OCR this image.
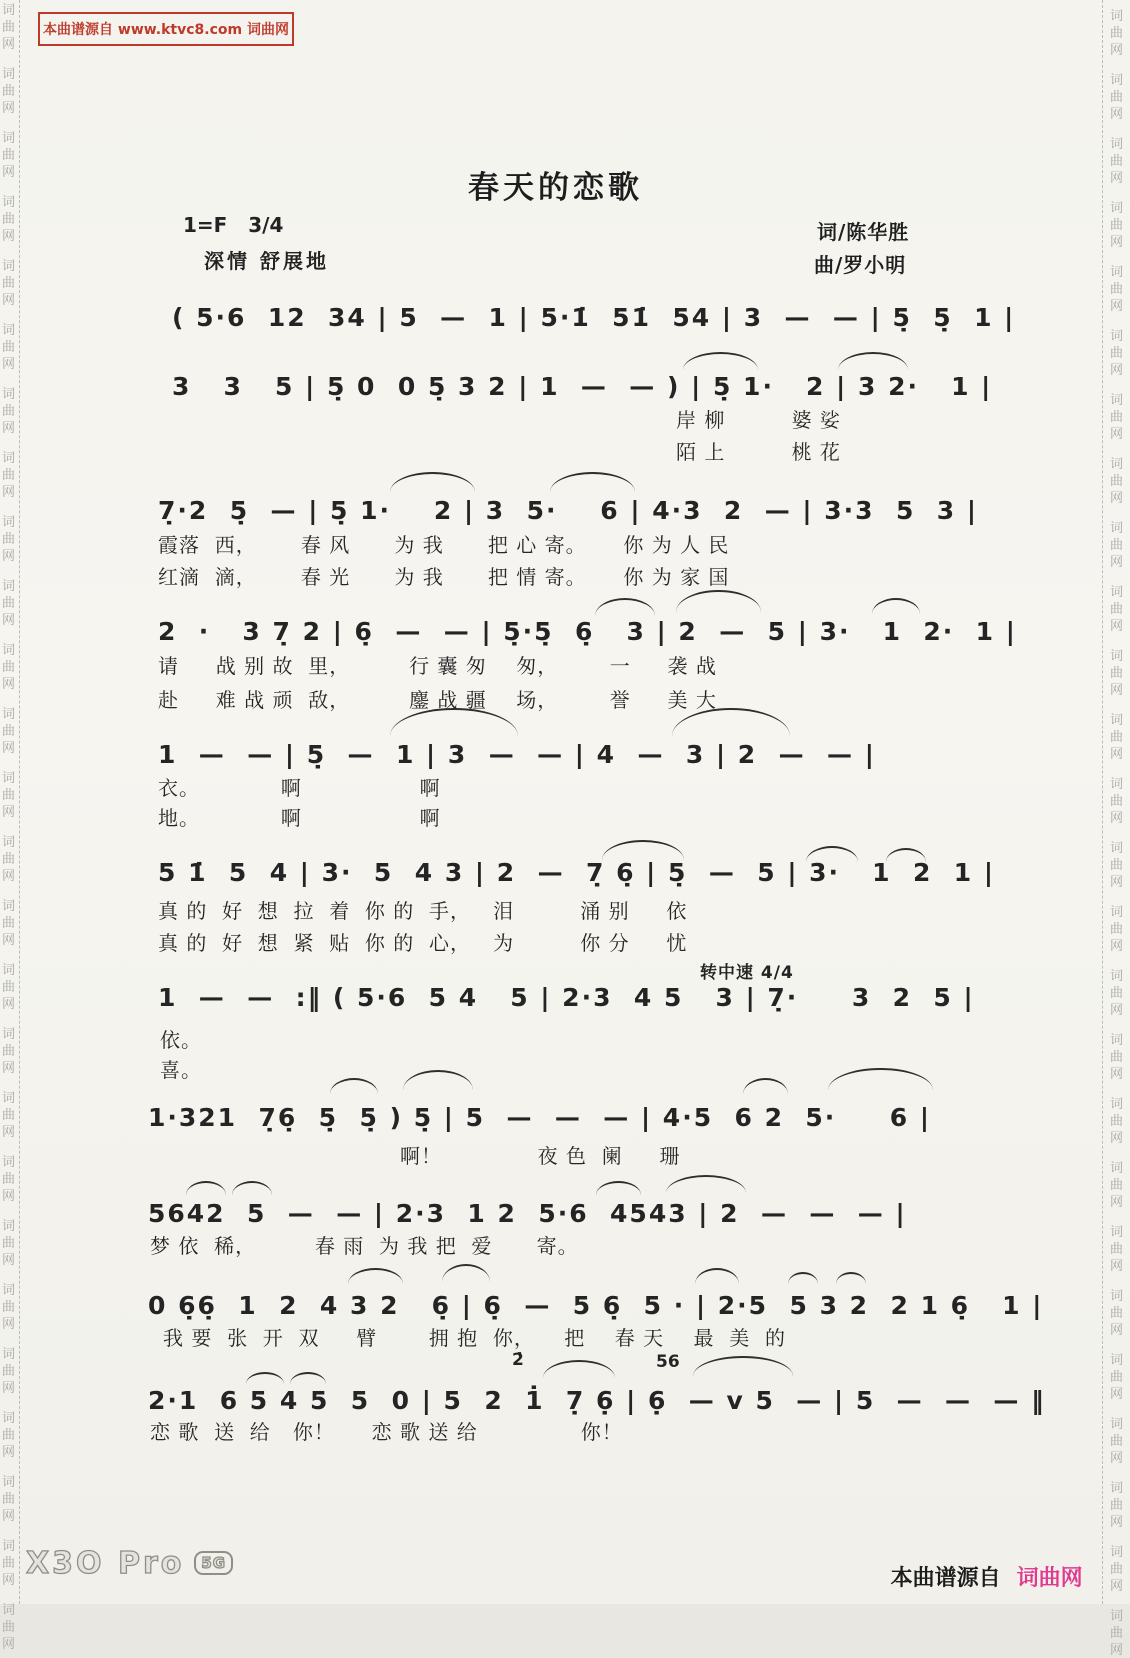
词
曲
网
词
曲
网
词
曲
网
词
曲
网
词
曲
网
词
曲
网
词
曲
网
词
曲
网
词
曲
网
词
曲
网
词
曲
网
词
曲
网
词
曲
网
词
曲
网
词
曲
网
词
曲
网
词
曲
网
词
曲
网
词
曲
网
词
曲
网
词
曲
网
词
曲
网
词
曲
网
词
曲
网
词
曲
网
词
曲
网
词
曲
网
词
曲
网
词
曲
网
词
曲
网
词
曲
网
词
曲
网
词
曲
网
词
曲
网
词
曲
网
词
曲
网
词
曲
网
词
曲
网
词
曲
网
词
曲
网
词
曲
网
词
曲
网
词
曲
网
词
曲
网
词
曲
网
词
曲
网
词
曲
网
词
曲
网
词
曲
网
词
曲
网
词
曲
网
词
曲
网
本曲谱源自 www.ktvc8.com 词曲网
春天的恋歌
1=F   3/4
深情 舒展地
词/陈华胜
曲/罗小明
转中速 4/4
( 5·6  12  34 | 5  —  1 | 5·1̇  51̇  54 | 3  —  — | 5̣  5̣  1 |
3   3   5 | 5̣ 0  0 5̣ 3 2 | 1  —  — ) | 5̣ 1·   2 | 3 2·   1 |
岸 柳         婆 娑
陌 上         桃 花
7̣·2  5̣  — | 5̣ 1·    2 | 3  5·    6 | 4·3  2  — | 3·3  5  3 |
霞落  西，      春 风      为 我      把 心 寄。     你 为 人 民
红滴  滴，      春 光      为 我      把 情 寄。     你 为 家 国
2  ·   3 7̣ 2 | 6̣  —  — | 5̣·5̣  6̣   3 | 2  —  5 | 3·   1  2·  1 |
请     战 别 故  里，        行 囊 匆    匆，       一     袭 战
赴     难 战 顽  敌，        鏖 战 疆    场，       誉     美 大
1  —  — | 5̣  —  1 | 3  —  — | 4  —  3 | 2  —  — |
衣。           啊                啊
地。           啊                啊
5 1̇  5  4 | 3·  5  4 3 | 2  —  7̣ 6̣ | 5̣  —  5 | 3·   1  2  1 |
真 的  好  想  拉  着  你 的  手，   泪         涌 别     依
真 的  好  想  紧  贴  你 的  心，   为         你 分     忧
1  —  —  :‖ ( 5·6  5 4   5 | 2·3  4 5   3 | 7̣·     3  2  5 |
依。
喜。
1·321  7̣6̣  5̣  5̣ ) 5̣ | 5  —  —  — | 4·5  6 2  5·     6 |
啊！             夜 色  阑     珊
5642  5  —  — | 2·3  1 2  5·6  4543 | 2  —  —  — |
梦 依  稀，        春 雨  为 我 把  爱      寄。
0 6̣6̣  1  2  4 3 2   6̣ | 6̣  —  5 6̣  5 · | 2·5  5 3 2  2 1 6̣   1 |
我 要  张  开  双     臂       拥 抱  你，    把    春 天    最  美  的
2̇	56
2·1  6 5 4 5  5  0 | 5  2  1̇  7̣ 6̣ | 6̣  — v 5  — | 5  —  —  — ‖
恋 歌  送  给   你！     恋 歌 送 给              你！
X3O Pro 5G

本曲谱源自 词曲网
